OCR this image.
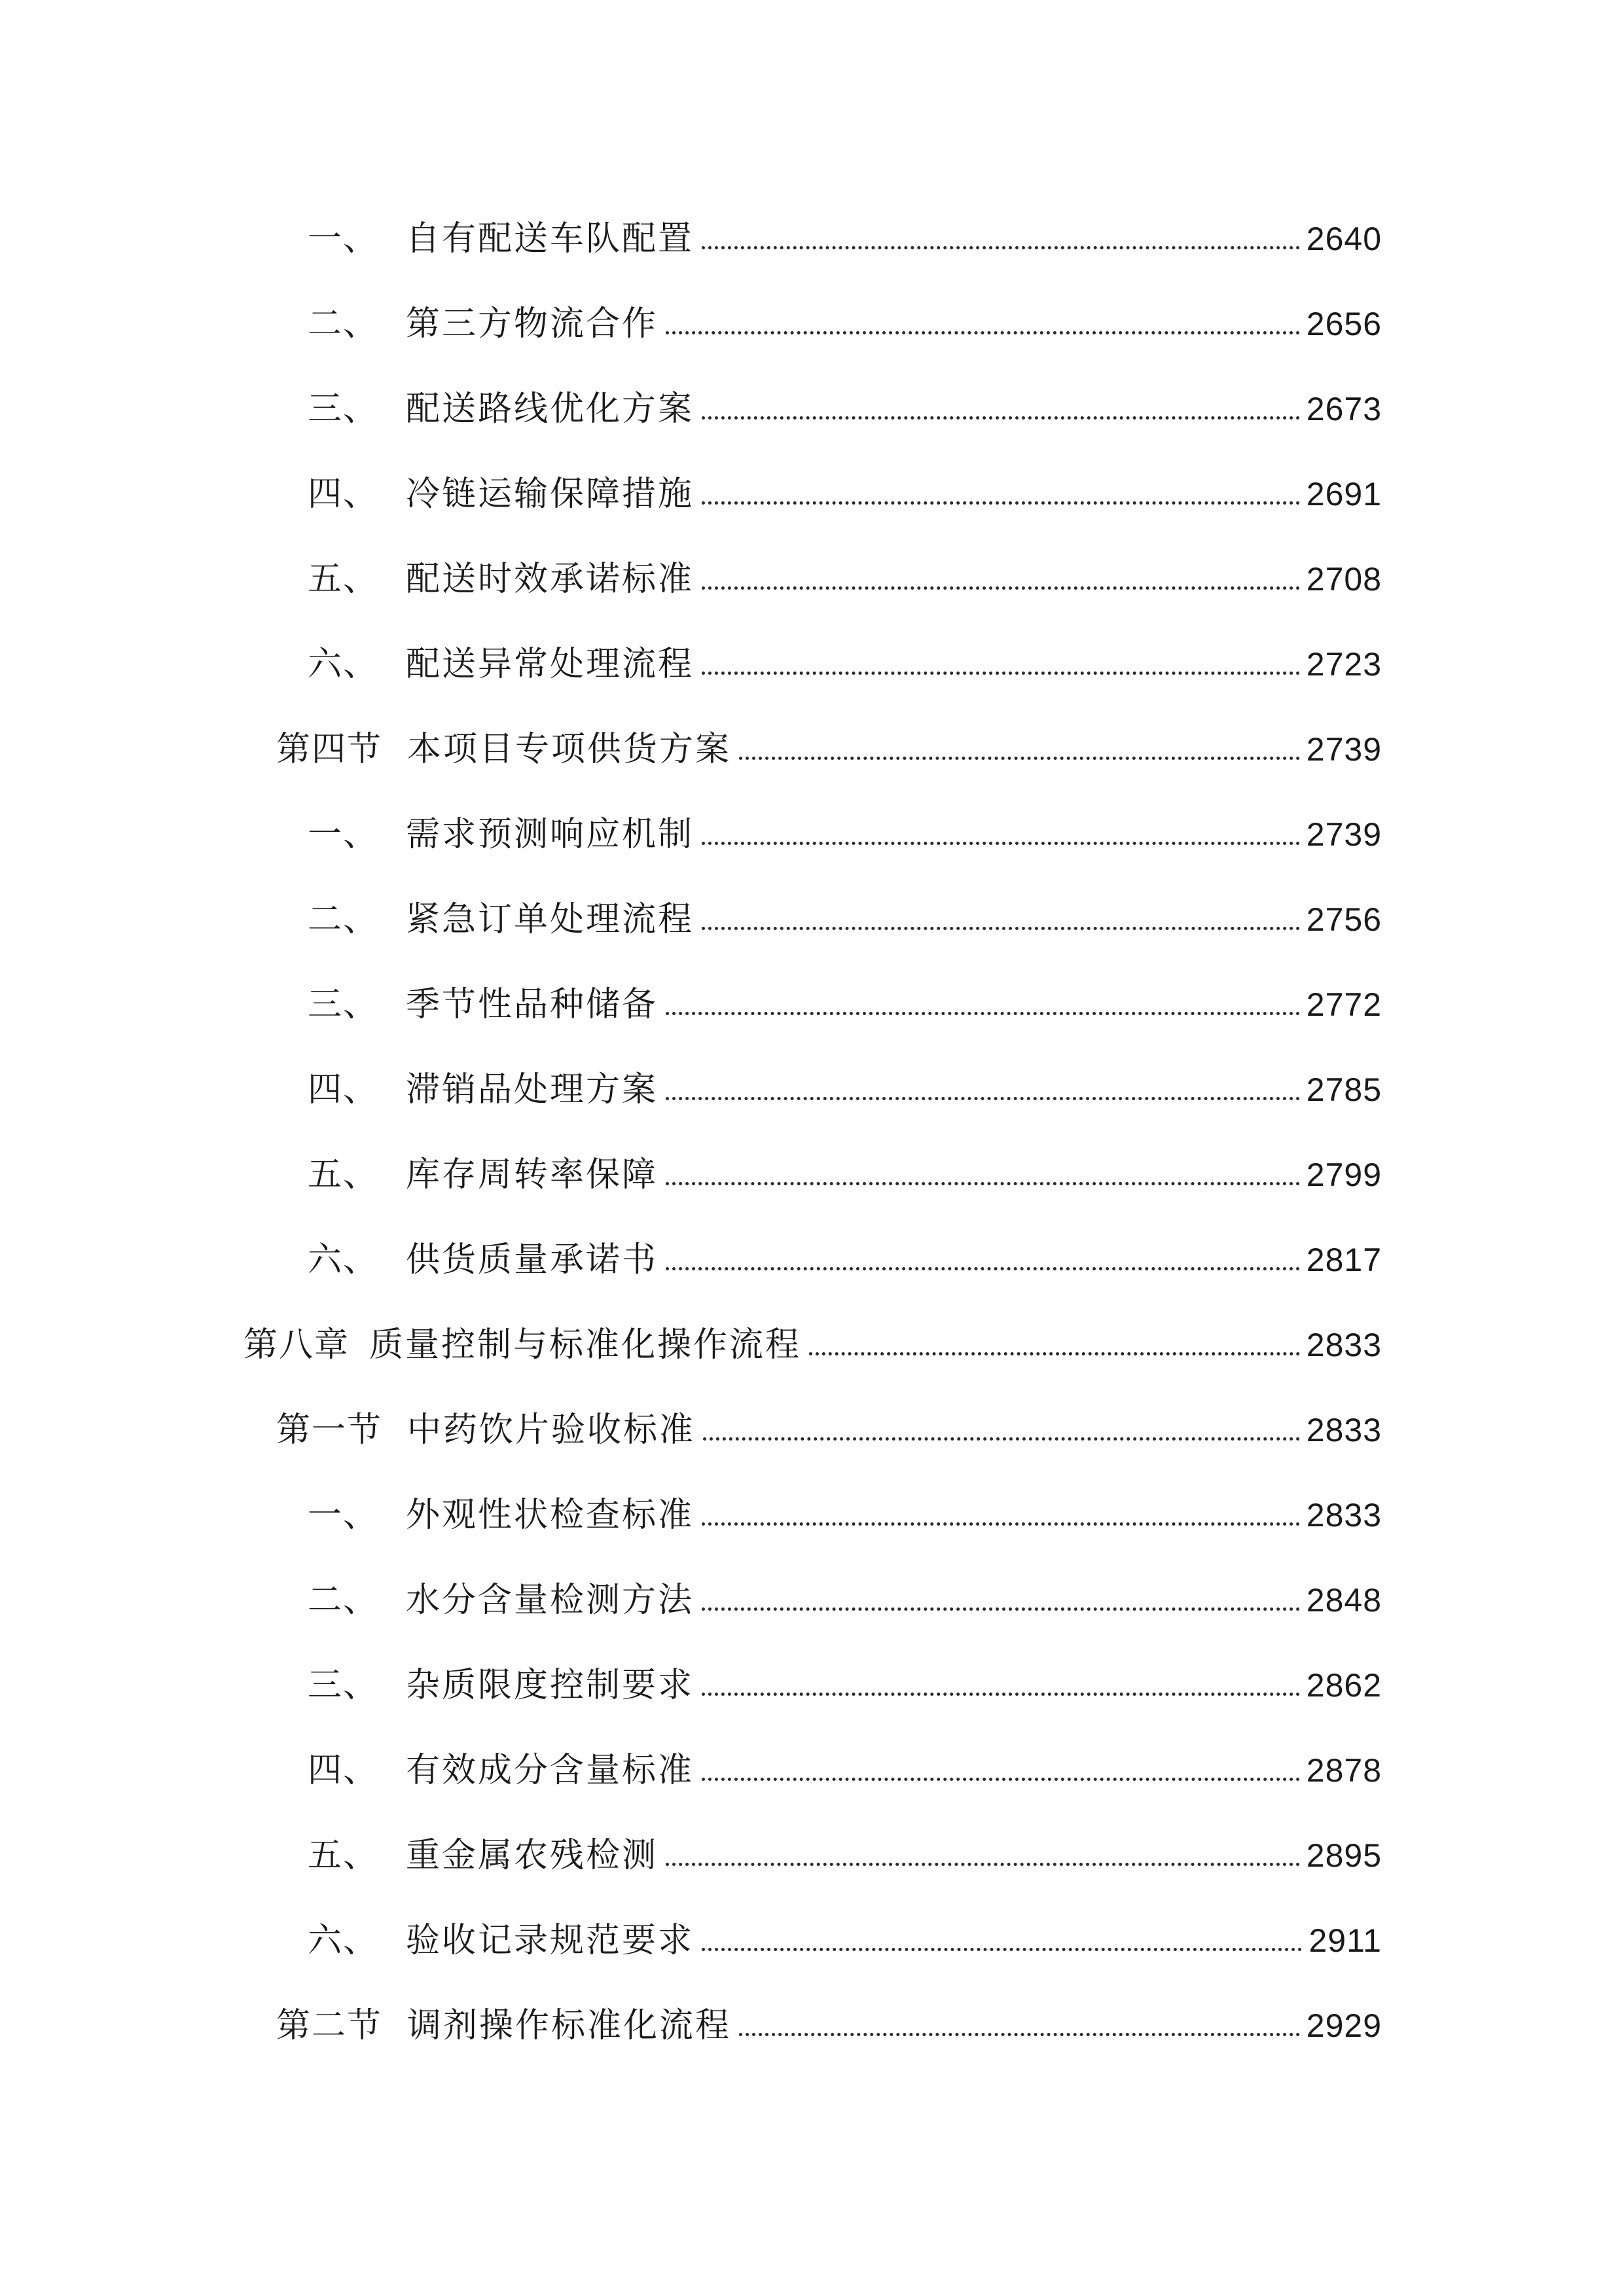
一、 自有配送车队配置	2640
二、 第三方物流合作	2656
三、 配送路线优化方案	2673
四、 冷链运输保障措施	2691
五、 配送时效承诺标准	2708
六、 配送异常处理流程	2723
第四节 本项目专项供货方案	2739
一、 需求预测响应机制	2739
二、 紧急订单处理流程	2756
三、 季节性品种储备	2772
四、 滞销品处理方案	2785
五、 库存周转率保障	2799
六、 供货质量承诺书	2817
第八章 质量控制与标准化操作流程	2833
第一节 中药饮片验收标准	2833
一、 外观性状检查标准	2833
二、 水分含量检测方法	2848
三、 杂质限度控制要求	2862
四、 有效成分含量标准	2878
五、 重金属农残检测	2895
六、 验收记录规范要求	2911
第二节 调剂操作标准化流程	2929
